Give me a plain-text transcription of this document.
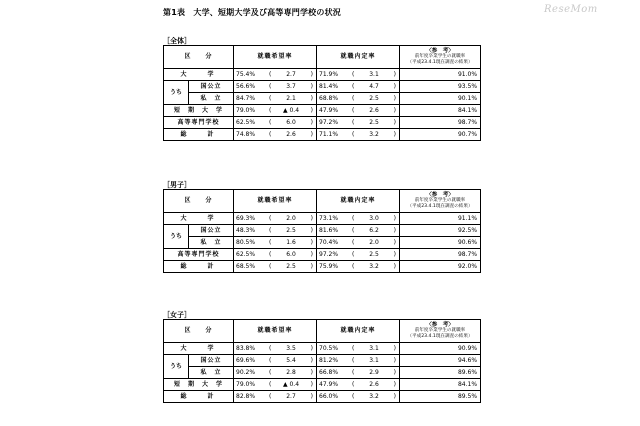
第1表　大学、短期大学及び高等専門学校の状況	ReseMom
［全体］
区　　分		就職希望率	就職内定率	〈参　考〉
前年度卒業学生の就職率
（平成23.4.1現在調査の結果）
大　　学		75.4% ( 2.7 )	71.9% ( 3.1 )	91.0%
うち	国公立	56.6% ( 3.7 )	81.4% ( 4.7 )	93.5%
	私　立	84.7% ( 2.1 )	68.8% ( 2.5 )	90.1%
短　期　大　学		79.0% ( ▲ 0.4 )	47.9% ( 2.6 )	84.1%
高等専門学校		62.5% ( 6.0 )	97.2% ( 2.5 )	98.7%
総　　計		74.8% ( 2.6 )	71.1% ( 3.2 )	90.7%
［男子］
区　　分		就職希望率	就職内定率	〈参　考〉
前年度卒業学生の就職率
（平成23.4.1現在調査の結果）
大　　学		69.3% ( 2.0 )	73.1% ( 3.0 )	91.1%
うち	国公立	48.3% ( 2.5 )	81.6% ( 6.2 )	92.5%
	私　立	80.5% ( 1.6 )	70.4% ( 2.0 )	90.6%
高等専門学校		62.5% ( 6.0 )	97.2% ( 2.5 )	98.7%
総　　計		68.5% ( 2.5 )	75.9% ( 3.2 )	92.0%
［女子］
区　　分		就職希望率	就職内定率	〈参　考〉
前年度卒業学生の就職率
（平成23.4.1現在調査の結果）
大　　学		83.8% ( 3.5 )	70.5% ( 3.1 )	90.9%
うち	国公立	69.6% ( 5.4 )	81.2% ( 3.1 )	94.6%
	私　立	90.2% ( 2.8 )	66.8% ( 2.9 )	89.6%
短　期　大　学		79.0% ( ▲ 0.4 )	47.9% ( 2.6 )	84.1%
総　　計		82.8% ( 2.7 )	66.0% ( 3.2 )	89.5%
